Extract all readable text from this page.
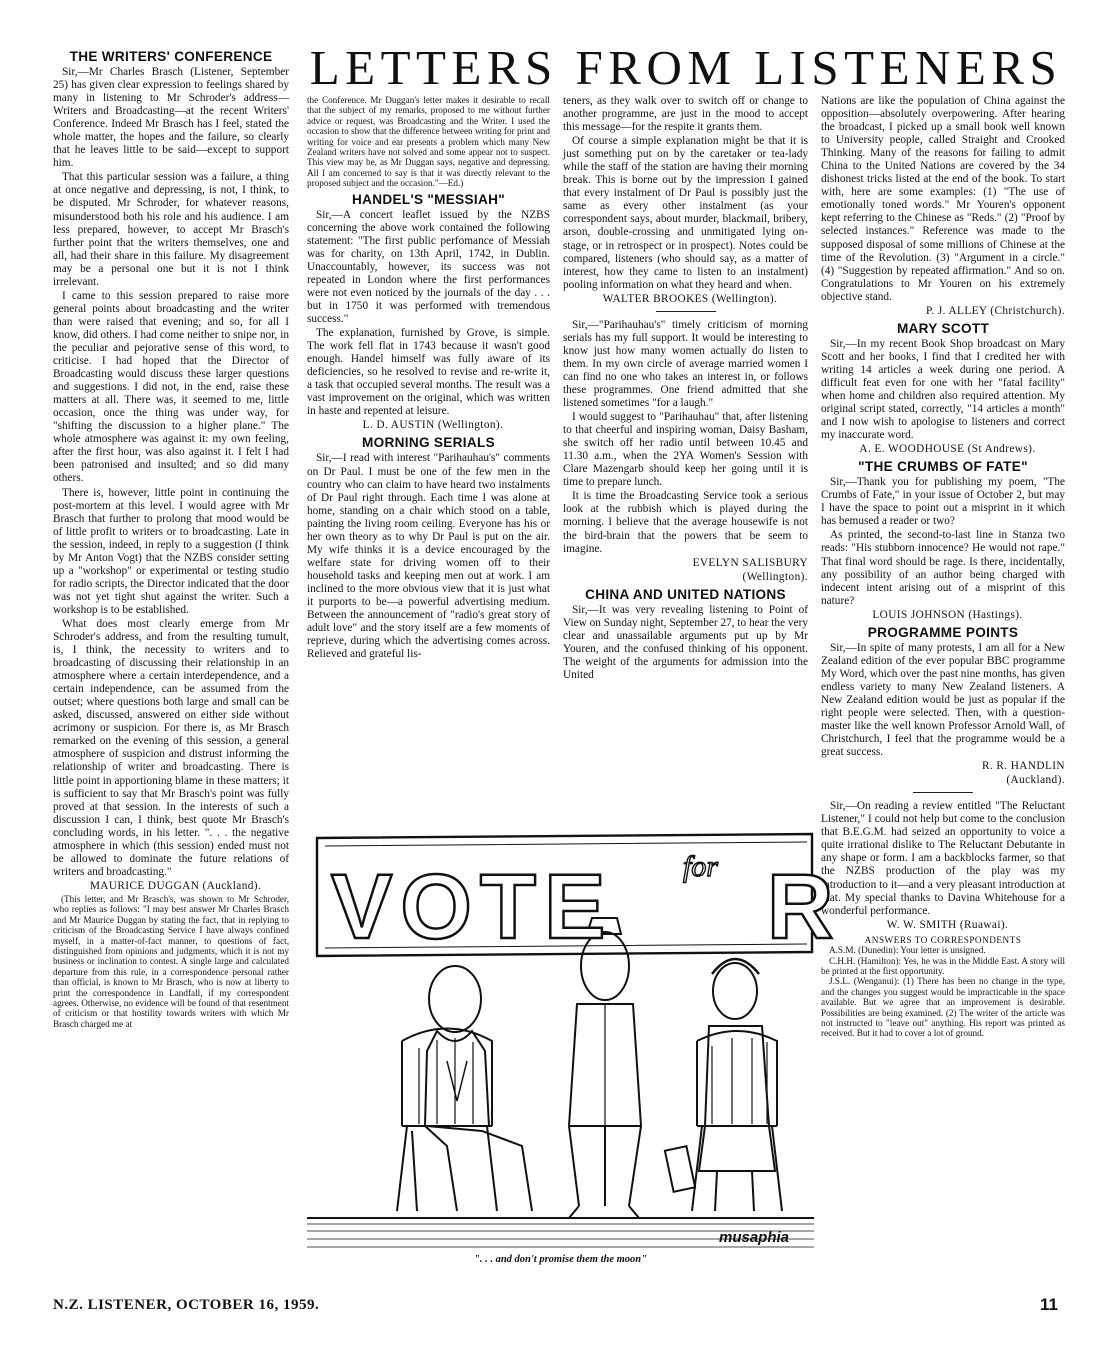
LETTERS FROM LISTENERS
THE WRITERS' CONFERENCE

Sir,—Mr Charles Brasch (Listener, September 25) has given clear expression to feelings shared by many in listening to Mr Schroder's address—Writers and Broadcasting—at the recent Writers' Conference. Indeed Mr Brasch has I feel, stated the whole matter, the hopes and the failure, so clearly that he leaves little to be said—except to support him.

That this particular session was a failure, a thing at once negative and depressing, is not, I think, to be disputed. Mr Schroder, for whatever reasons, misunderstood both his role and his audience. I am less prepared, however, to accept Mr Brasch's further point that the writers themselves, one and all, had their share in this failure. My disagreement may be a personal one but it is not I think irrelevant.

I came to this session prepared to raise more general points about broadcasting and the writer than were raised that evening; and so, for all I know, did others. I had come neither to snipe nor, in the peculiar and pejorative sense of this word, to criticise. I had hoped that the Director of Broadcasting would discuss these larger questions and suggestions. I did not, in the end, raise these matters at all. There was, it seemed to me, little occasion, once the thing was under way, for "shifting the discussion to a higher plane." The whole atmosphere was against it: my own feeling, after the first hour, was also against it. I felt I had been patronised and insulted; and so did many others.

There is, however, little point in continuing the post-mortem at this level. I would agree with Mr Brasch that further to prolong that mood would be of little profit to writers or to broadcasting. Late in the session, indeed, in reply to a suggestion (I think by Mr Anton Vogt) that the NZBS consider setting up a "workshop" or experimental or testing studio for radio scripts, the Director indicated that the door was not yet tight shut against the writer. Such a workshop is to be established.

What does most clearly emerge from Mr Schroder's address, and from the resulting tumult, is, I think, the necessity to writers and to broadcasting of discussing their relationship in an atmosphere where a certain interdependence, and a certain independence, can be assumed from the outset; where questions both large and small can be asked, discussed, answered on either side without acrimony or suspicion. For there is, as Mr Brasch remarked on the evening of this session, a general atmosphere of suspicion and distrust informing the relationship of writer and broadcasting. There is little point in apportioning blame in these matters; it is sufficient to say that Mr Brasch's point was fully proved at that session. In the interests of such a discussion I can, I think, best quote Mr Brasch's concluding words, in his letter. ". . . the negative atmosphere in which (this session) ended must not be allowed to dominate the future relations of writers and broadcasting."

MAURICE DUGGAN (Auckland).

(This letter, and Mr Brasch's, was shown to Mr Schroder, who replies as follows: "I may best answer Mr Charles Brasch and Mr Maurice Duggan by stating the fact, that in replying to criticism of the Broadcasting Service I have always confined myself, in a matter-of-fact manner, to questions of fact, distinguished from opinions and judgments, which it is not my business or inclination to contest. A single large and calculated departure from this rule, in a correspondence personal rather than official, is known to Mr Brasch, who is now at liberty to print the correspondence in Landfall, if my correspondent agrees. Otherwise, no evidence will be found of that resentment of criticism or that hostility towards writers with which Mr Brasch charged me at

the Conference. Mr Duggan's letter makes it desirable to recall that the subject of my remarks, proposed to me without further advice or request, was Broadcasting and the Writer. I used the occasion to show that the difference between writing for print and writing for voice and ear presents a problem which many New Zealand writers have not solved and some appear not to suspect. This view may be, as Mr Duggan says, negative and depressing. All I am concerned to say is that it was directly relevant to the proposed subject and the occasion."—Ed.)

HANDEL'S "MESSIAH"

Sir,—A concert leaflet issued by the NZBS concerning the above work contained the following statement: "The first public perfomance of Messiah was for charity, on 13th April, 1742, in Dublin. Unaccountably, however, its success was not repeated in London where the first performances were not even noticed by the journals of the day . . . but in 1750 it was performed with tremendous success."

The explanation, furnished by Grove, is simple. The work fell flat in 1743 because it wasn't good enough. Handel himself was fully aware of its deficiencies, so he resolved to revise and re-write it, a task that occupied several months. The result was a vast improvement on the original, which was written in haste and repented at leisure.

L. D. AUSTIN (Wellington).

MORNING SERIALS

Sir,—I read with interest "Parihauhau's" comments on Dr Paul. I must be one of the few men in the country who can claim to have heard two instalments of Dr Paul right through. Each time I was alone at home, standing on a chair which stood on a table, painting the living room ceiling. Everyone has his or her own theory as to why Dr Paul is put on the air. My wife thinks it is a device encouraged by the welfare state for driving women off to their household tasks and keeping men out at work. I am inclined to the more obvious view that it is just what it purports to be—a powerful advertising medium. Between the announcement of "radio's great story of adult love" and the story itself are a few moments of reprieve, during which the advertising comes across. Relieved and grateful lis-

teners, as they walk over to switch off or change to another programme, are just in the mood to accept this message—for the respite it grants them.

Of course a simple explanation might be that it is just something put on by the caretaker or tea-lady while the staff of the station are having their morning break. This is borne out by the impression I gained that every instalment of Dr Paul is possibly just the same as every other instalment (as your correspondent says, about murder, blackmail, bribery, arson, double-crossing and unmitigated lying on-stage, or in retrospect or in prospect). Notes could be compared, listeners (who should say, as a matter of interest, how they came to listen to an instalment) pooling information on what they heard and when.

WALTER BROOKES (Wellington).

Sir,—"Parihauhau's" timely criticism of morning serials has my full support. It would be interesting to know just how many women actually do listen to them. In my own circle of average married women I can find no one who takes an interest in, or follows these programmes. One friend admitted that she listened sometimes "for a laugh."

I would suggest to "Parihauhau" that, after listening to that cheerful and inspiring woman, Daisy Basham, she switch off her radio until between 10.45 and 11.30 a.m., when the 2YA Women's Session with Clare Mazengarb should keep her going until it is time to prepare lunch.

It is time the Broadcasting Service took a serious look at the rubbish which is played during the morning. I believe that the average housewife is not the bird-brain that the powers that be seem to imagine.

EVELYN SALISBURY

(Wellington).

CHINA AND UNITED NATIONS

Sir,—It was very revealing listening to Point of View on Sunday night, September 27, to hear the very clear and unassailable arguments put up by Mr Youren, and the confused thinking of his opponent. The weight of the arguments for admission into the United

Nations are like the population of China against the opposition—absolutely overpowering. After hearing the broadcast, I picked up a small book well known to University people, called Straight and Crooked Thinking. Many of the reasons for failing to admit China to the United Nations are covered by the 34 dishonest tricks listed at the end of the book. To start with, here are some examples: (1) "The use of emotionally toned words." Mr Youren's opponent kept referring to the Chinese as "Reds." (2) "Proof by selected instances." Reference was made to the supposed disposal of some millions of Chinese at the time of the Revolution. (3) "Argument in a circle." (4) "Suggestion by repeated affirmation." And so on. Congratulations to Mr Youren on his extremely objective stand.

P. J. ALLEY (Christchurch).

MARY SCOTT

Sir,—In my recent Book Shop broadcast on Mary Scott and her books, I find that I credited her with writing 14 articles a week during one period. A difficult feat even for one with her "fatal facility" when home and children also required attention. My original script stated, correctly, "14 articles a month" and I now wish to apologise to listeners and correct my inaccurate word.

A. E. WOODHOUSE (St Andrews).

"THE CRUMBS OF FATE"

Sir,—Thank you for publishing my poem, "The Crumbs of Fate," in your issue of October 2, but may I have the space to point out a misprint in it which has bemused a reader or two?

As printed, the second-to-last line in Stanza two reads: "His stubborn innocence? He would not rape." That final word should be rage. Is there, incidentally, any possibility of an author being charged with indecent intent arising out of a misprint of this nature?

LOUIS JOHNSON (Hastings).

PROGRAMME POINTS

Sir,—In spite of many protests, I am all for a New Zealand edition of the ever popular BBC programme My Word, which over the past nine months, has given endless variety to many New Zealand listeners. A New Zealand edition would be just as popular if the right people were selected. Then, with a question-master like the well known Professor Arnold Wall, of Christchurch, I feel that the programme would be a great success.

R. R. HANDLIN

(Auckland).

Sir,—On reading a review entitled "The Reluctant Listener," I could not help but come to the conclusion that B.E.G.M. had seized an opportunity to voice a quite irrational dislike to The Reluctant Debutante in any shape or form. I am a backblocks farmer, so that the NZBS production of the play was my introduction to it—and a very pleasant introduction at that. My special thanks to Davina Whitehouse for a wonderful performance.

W. W. SMITH (Ruawai).

ANSWERS TO CORRESPONDENTS

A.S.M. (Dunedin): Your letter is unsigned.

C.H.H. (Hamilton): Yes, he was in the Middle East. A story will be printed at the first opportunity.

J.S.L. (Wenganui): (1) There has been no change in the type, and the changes you suggest would be impracticable in the space available. But we agree that an improvement is desirable. Possibilities are being examined. (2) The writer of the article was not instructed to "leave out" anything. His report was printed as received. But it had to cover a lot of ground.

VOTE R
for
musaphia
". . . and don't promise them the moon"
N.Z. LISTENER, OCTOBER 16, 1959.	11
